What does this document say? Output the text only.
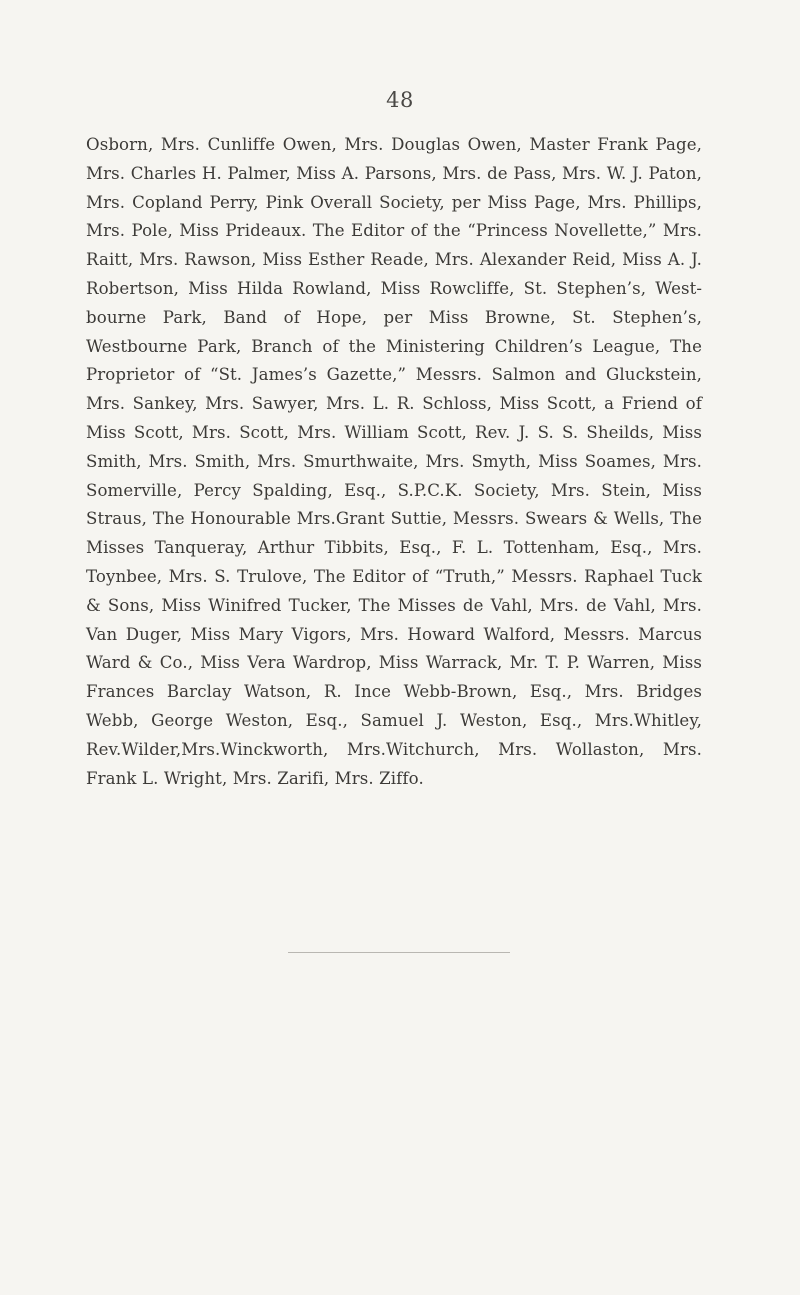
48

Osborn, Mrs. Cunliffe Owen, Mrs. Douglas Owen, Master Frank Page, Mrs. Charles H. Palmer, Miss A. Parsons, Mrs. de Pass, Mrs. W. J. Paton, Mrs. Copland Perry, Pink Overall Society, per Miss Page, Mrs. Phillips, Mrs. Pole, Miss Prideaux. The Editor of the “Princess Novellette,” Mrs. Raitt, Mrs. Rawson, Miss Esther Reade, Mrs. Alexander Reid, Miss A. J. Robertson, Miss Hilda Rowland, Miss Rowcliffe, St. Stephen’s, Westbourne Park, Band of Hope, per Miss Browne, St. Stephen’s, Westbourne Park, Branch of the Ministering Children’s League, The Proprietor of “St. James’s Gazette,” Messrs. Salmon and Gluckstein, Mrs. Sankey, Mrs. Sawyer, Mrs. L. R. Schloss, Miss Scott, a Friend of Miss Scott, Mrs. Scott, Mrs. William Scott, Rev. J. S. S. Sheilds, Miss Smith, Mrs. Smith, Mrs. Smurthwaite, Mrs. Smyth, Miss Soames, Mrs. Somerville, Percy Spalding, Esq., S.P.C.K. Society, Mrs. Stein, Miss Straus, The Honourable Mrs.Grant Suttie, Messrs. Swears & Wells, The Misses Tanqueray, Arthur Tibbits, Esq., F. L. Tottenham, Esq., Mrs. Toynbee, Mrs. S. Trulove, The Editor of “Truth,” Messrs. Raphael Tuck & Sons, Miss Winifred Tucker, The Misses de Vahl, Mrs. de Vahl, Mrs. Van Duger, Miss Mary Vigors, Mrs. Howard Walford, Messrs. Marcus Ward & Co., Miss Vera Wardrop, Miss Warrack, Mr. T. P. Warren, Miss Frances Barclay Watson, R. Ince Webb-Brown, Esq., Mrs. Bridges Webb, George Weston, Esq., Samuel J. Weston, Esq., Mrs.Whitley, Rev.Wilder,Mrs.Winckworth, Mrs.Witchurch, Mrs. Wollaston, Mrs. Frank L. Wright, Mrs. Zarifi, Mrs. Ziffo.
